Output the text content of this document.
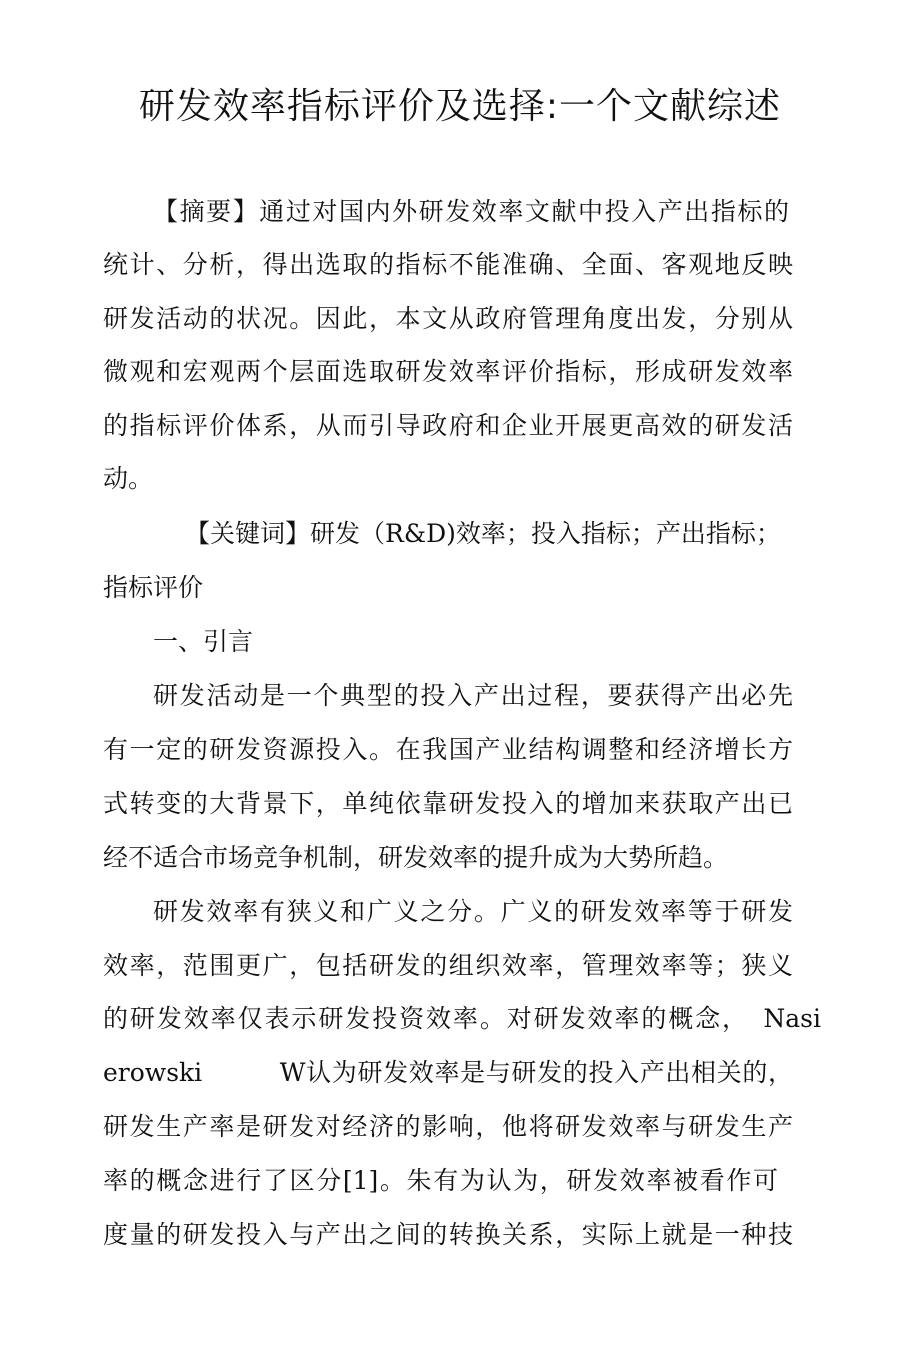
研发效率指标评价及选择:一个文献综述

【摘要】通过对国内外研发效率文献中投入产出指标的

统计、分析，得出选取的指标不能准确、全面、客观地反映

研发活动的状况。因此，本文从政府管理角度出发，分别从

微观和宏观两个层面选取研发效率评价指标，形成研发效率

的指标评价体系，从而引导政府和企业开展更高效的研发活

动。

【关键词】研发（R&D)效率；投入指标；产出指标；

指标评价

一、引言

研发活动是一个典型的投入产出过程，要获得产出必先

有一定的研发资源投入。在我国产业结构调整和经济增长方

式转变的大背景下，单纯依靠研发投入的增加来获取产出已

经不适合市场竞争机制，研发效率的提升成为大势所趋。

研发效率有狭义和广义之分。广义的研发效率等于研发

效率，范围更广，包括研发的组织效率，管理效率等；狭义

的研发效率仅表示研发投资效率。对研发效率的概念，　Nasi

erowski　　　W认为研发效率是与研发的投入产出相关的，

研发生产率是研发对经济的影响，他将研发效率与研发生产

率的概念进行了区分[1]。朱有为认为，研发效率被看作可

度量的研发投入与产出之间的转换关系，实际上就是一种技
